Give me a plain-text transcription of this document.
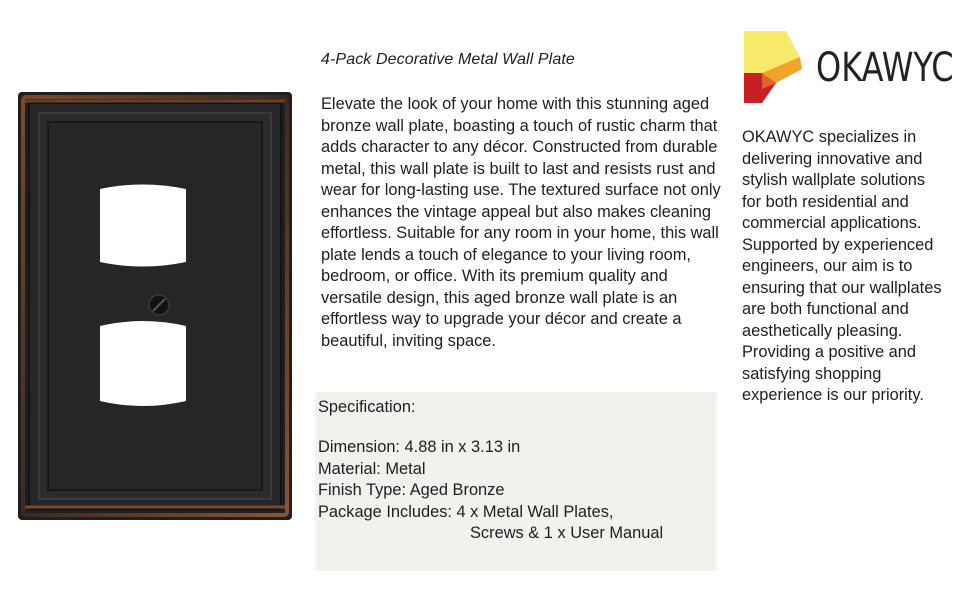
4-Pack Decorative Metal Wall Plate

Elevate the look of your home with this stunning aged bronze wall plate, boasting a touch of rustic charm that adds character to any décor. Constructed from durable metal, this wall plate is built to last and resists rust and wear for long-lasting use. The textured surface not only enhances the vintage appeal but also makes cleaning effortless. Suitable for any room in your home, this wall plate lends a touch of elegance to your living room, bedroom, or office. With its premium quality and versatile design, this aged bronze wall plate is an effortless way to upgrade your décor and create a beautiful, inviting space.

Specification:
Dimension: 4.88 in x 3.13 in
Material: Metal
Finish Type: Aged Bronze
Package Includes: 4 x Metal Wall Plates,
Screws & 1 x User Manual
OKAWYC

OKAWYC specializes in delivering innovative and stylish wallplate solutions for both residential and commercial applications. Supported by experienced engineers, our aim is to ensuring that our wallplates are both functional and aesthetically pleasing. Providing a positive and satisfying shopping experience is our priority.
